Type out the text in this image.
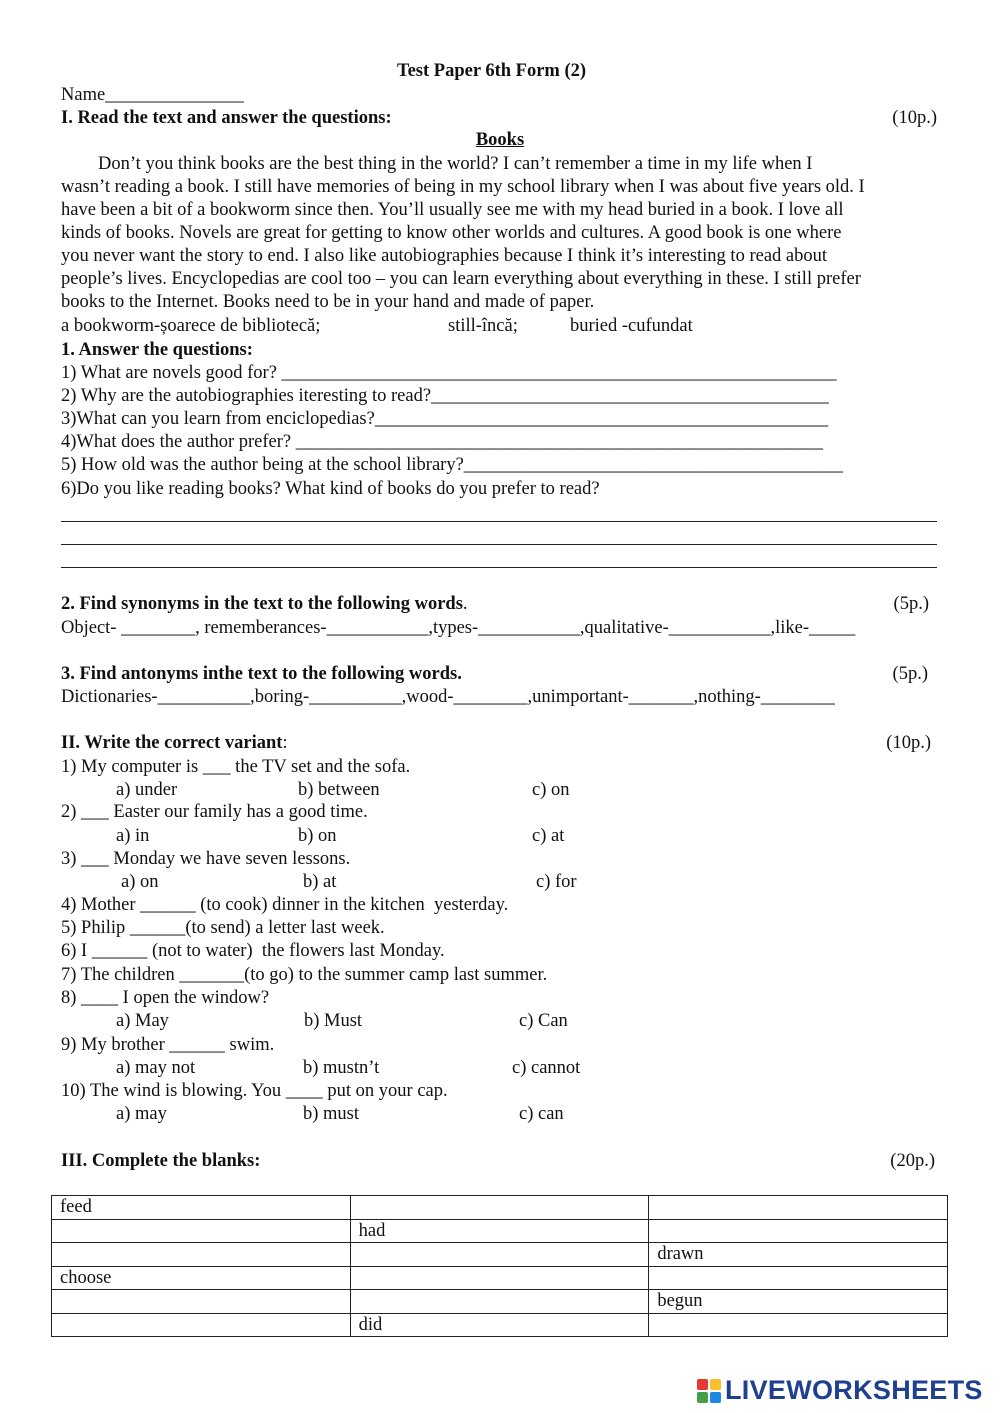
Test Paper 6th Form (2)
Name_______________
I. Read the text and answer the questions:	(10p.)
Books
Don’t you think books are the best thing in the world? I can’t remember a time in my life when I
wasn’t reading a book. I still have memories of being in my school library when I was about five years old. I
have been a bit of a bookworm since then. You’ll usually see me with my head buried in a book. I love all
kinds of books. Novels are great for getting to know other worlds and cultures. A good book is one where
you never want the story to end. I also like autobiographies because I think it’s interesting to read about
people’s lives. Encyclopedias are cool too – you can learn everything about everything in these. I still prefer
books to the Internet. Books need to be in your hand and made of paper.
a bookworm-șoarece de bibliotecă;	still-încă;	buried -cufundat
1. Answer the questions:
1) What are novels good for? ____________________________________________________________
2) Why are the autobiographies iteresting to read?___________________________________________
3)What can you learn from enciclopedias?_________________________________________________
4)What does the author prefer? _________________________________________________________
5) How old was the author being at the school library?_________________________________________
6)Do you like reading books? What kind of books do you prefer to read?
2. Find synonyms in the text to the following words.	(5p.)
Object- ________, rememberances-___________,types-___________,qualitative-___________,like-_____
3. Find antonyms inthe text to the following words.	(5p.)
Dictionaries-__________,boring-__________,wood-________,unimportant-_______,nothing-________
II. Write the correct variant:	(10p.)
1) My computer is ___ the TV set and the sofa.
a) under	b) between	c) on
2) ___ Easter our family has a good time.
a) in	b) on	c) at
3) ___ Monday we have seven lessons.
a) on	b) at	c) for
4) Mother ______ (to cook) dinner in the kitchen  yesterday.
5) Philip ______(to send) a letter last week.
6) I ______ (not to water)  the flowers last Monday.
7) The children _______(to go) to the summer camp last summer.
8) ____ I open the window?
a) May	b) Must	c) Can
9) My brother ______ swim.
a) may not	b) mustn’t	c) cannot
10) The wind is blowing. You ____ put on your cap.
a) may	b) must	c) can
III. Complete the blanks:	(20p.)
feed		
	had	
		drawn
choose		
		begun
	did	
LIVEWORKSHEETS
